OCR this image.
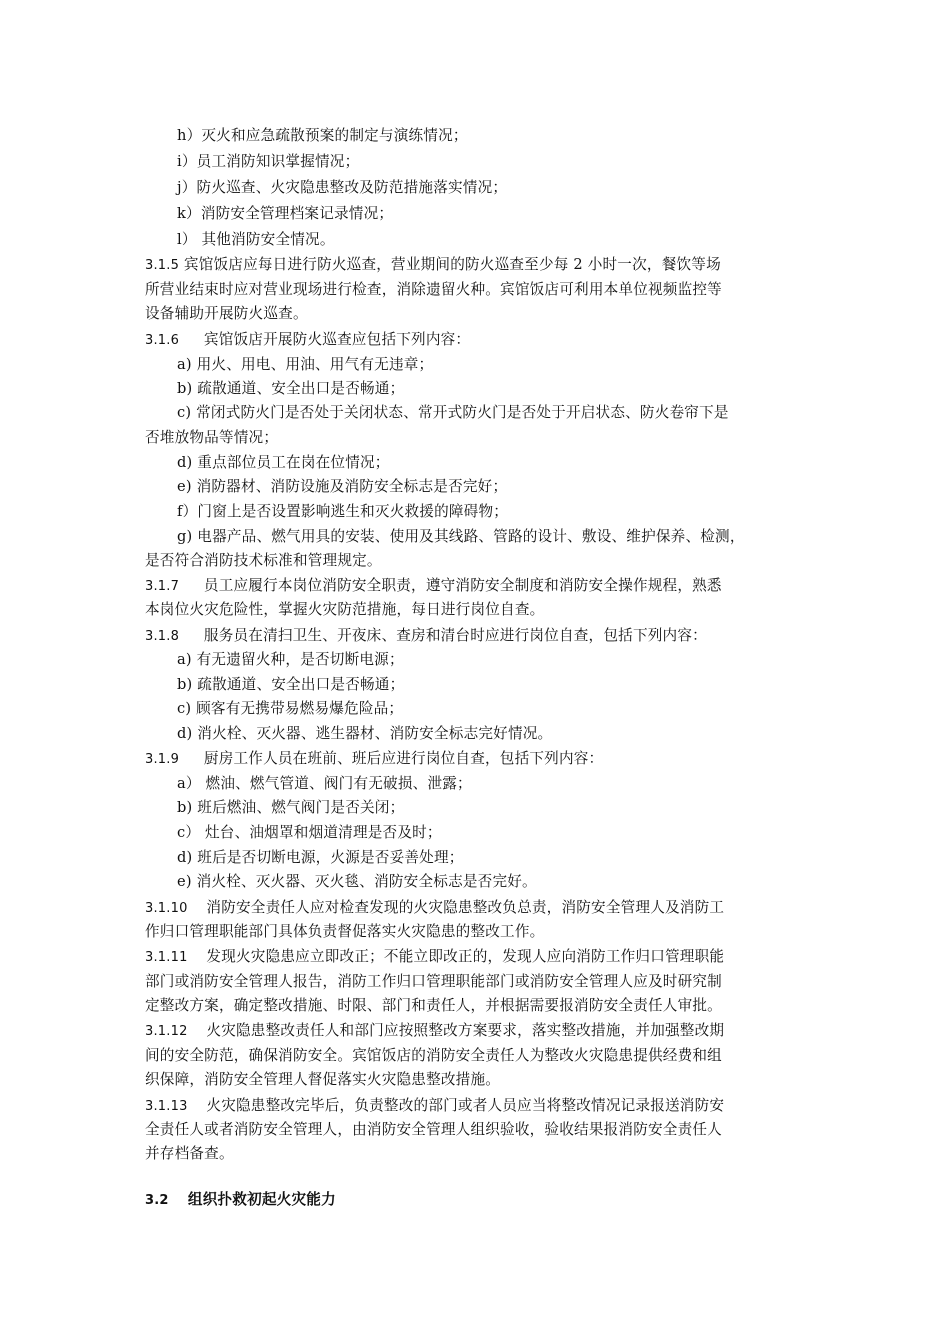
h）灭火和应急疏散预案的制定与演练情况；
i）员工消防知识掌握情况；
j）防火巡查、火灾隐患整改及防范措施落实情况；
k）消防安全管理档案记录情况；
l） 其他消防安全情况。
3.1.5 宾馆饭店应每日进行防火巡查，营业期间的防火巡查至少每 2 小时一次，餐饮等场
所营业结束时应对营业现场进行检查，消除遗留火种。宾馆饭店可利用本单位视频监控等
设备辅助开展防火巡查。
3.1.6 宾馆饭店开展防火巡查应包括下列内容：
a) 用火、用电、用油、用气有无违章；
b) 疏散通道、安全出口是否畅通；
c) 常闭式防火门是否处于关闭状态、常开式防火门是否处于开启状态、防火卷帘下是
否堆放物品等情况；
d) 重点部位员工在岗在位情况；
e) 消防器材、消防设施及消防安全标志是否完好；
f）门窗上是否设置影响逃生和灭火救援的障碍物；
g) 电器产品、燃气用具的安装、使用及其线路、管路的设计、敷设、维护保养、检测，
是否符合消防技术标准和管理规定。
3.1.7 员工应履行本岗位消防安全职责，遵守消防安全制度和消防安全操作规程，熟悉
本岗位火灾危险性，掌握火灾防范措施，每日进行岗位自查。
3.1.8 服务员在清扫卫生、开夜床、查房和清台时应进行岗位自查，包括下列内容：
a) 有无遗留火种，是否切断电源；
b) 疏散通道、安全出口是否畅通；
c) 顾客有无携带易燃易爆危险品；
d) 消火栓、灭火器、逃生器材、消防安全标志完好情况。
3.1.9 厨房工作人员在班前、班后应进行岗位自查，包括下列内容：
a） 燃油、燃气管道、阀门有无破损、泄露；
b) 班后燃油、燃气阀门是否关闭；
c） 灶台、油烟罩和烟道清理是否及时；
d) 班后是否切断电源，火源是否妥善处理；
e) 消火栓、灭火器、灭火毯、消防安全标志是否完好。
3.1.10 消防安全责任人应对检查发现的火灾隐患整改负总责，消防安全管理人及消防工
作归口管理职能部门具体负责督促落实火灾隐患的整改工作。
3.1.11 发现火灾隐患应立即改正；不能立即改正的，发现人应向消防工作归口管理职能
部门或消防安全管理人报告，消防工作归口管理职能部门或消防安全管理人应及时研究制
定整改方案，确定整改措施、时限、部门和责任人，并根据需要报消防安全责任人审批。
3.1.12 火灾隐患整改责任人和部门应按照整改方案要求，落实整改措施，并加强整改期
间的安全防范，确保消防安全。宾馆饭店的消防安全责任人为整改火灾隐患提供经费和组
织保障，消防安全管理人督促落实火灾隐患整改措施。
3.1.13 火灾隐患整改完毕后，负责整改的部门或者人员应当将整改情况记录报送消防安
全责任人或者消防安全管理人，由消防安全管理人组织验收，验收结果报消防安全责任人
并存档备查。
3.2 组织扑救初起火灾能力
